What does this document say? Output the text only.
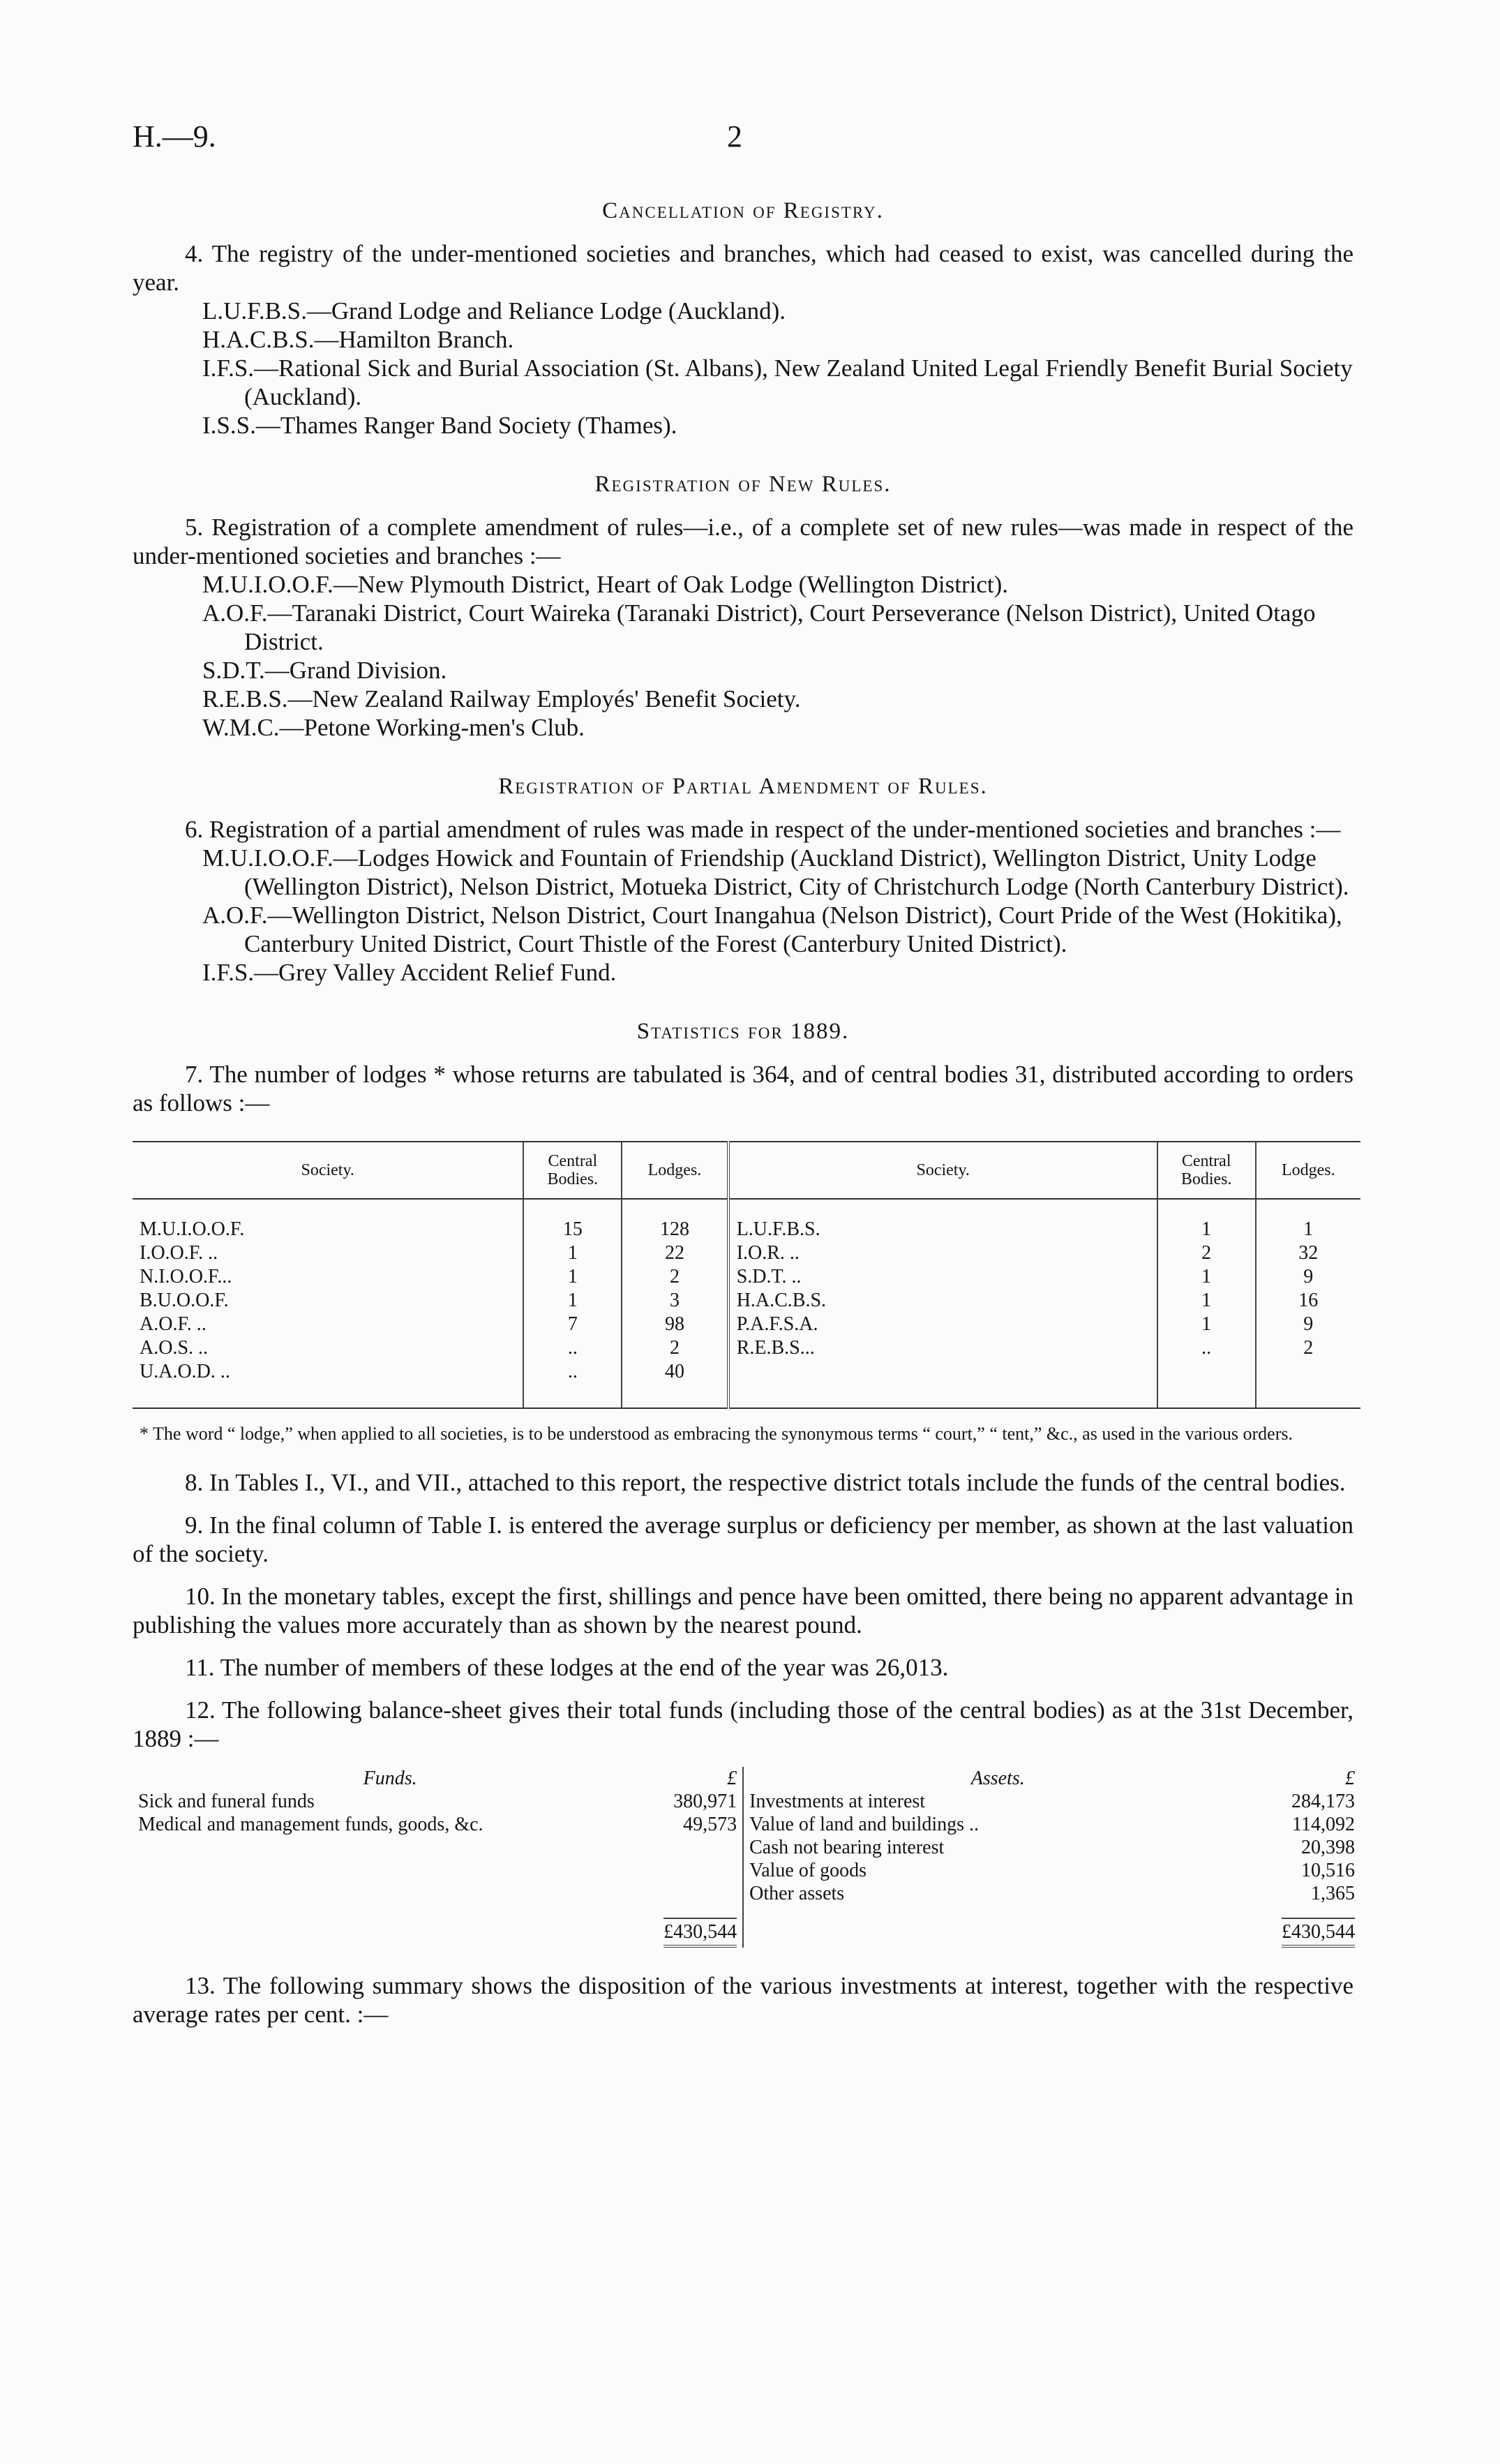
H.—9.	2
Cancellation of Registry.
4. The registry of the under-mentioned societies and branches, which had ceased to exist, was cancelled during the year.

L.U.F.B.S.—Grand Lodge and Reliance Lodge (Auckland).

H.A.C.B.S.—Hamilton Branch.

I.F.S.—Rational Sick and Burial Association (St. Albans), New Zealand United Legal Friendly Benefit Burial Society (Auckland).

I.S.S.—Thames Ranger Band Society (Thames).

Registration of New Rules.
5. Registration of a complete amendment of rules—i.e., of a complete set of new rules—was made in respect of the under-mentioned societies and branches :—

M.U.I.O.O.F.—New Plymouth District, Heart of Oak Lodge (Wellington District).

A.O.F.—Taranaki District, Court Waireka (Taranaki District), Court Perseverance (Nelson District), United Otago District.

S.D.T.—Grand Division.

R.E.B.S.—New Zealand Railway Employés' Benefit Society.

W.M.C.—Petone Working-men's Club.

Registration of Partial Amendment of Rules.
6. Registration of a partial amendment of rules was made in respect of the under-mentioned societies and branches :—

M.U.I.O.O.F.—Lodges Howick and Fountain of Friendship (Auckland District), Wellington District, Unity Lodge (Wellington District), Nelson District, Motueka District, City of Christchurch Lodge (North Canterbury District).

A.O.F.—Wellington District, Nelson District, Court Inangahua (Nelson District), Court Pride of the West (Hokitika), Canterbury United District, Court Thistle of the Forest (Canterbury United District).

I.F.S.—Grey Valley Accident Relief Fund.

Statistics for 1889.
7. The number of lodges * whose returns are tabulated is 364, and of central bodies 31, distributed according to orders as follows :—
Society.	Central Bodies.	Lodges.	Society.	Central Bodies.	Lodges.

M.U.I.O.O.F.	15	128	L.U.F.B.S.	1	1
I.O.O.F. ..	1	22	I.O.R. ..	2	32
N.I.O.O.F...	1	2	S.D.T. ..	1	9
B.U.O.O.F.	1	3	H.A.C.B.S.	1	16
A.O.F. ..	7	98	P.A.F.S.A.	1	9
A.O.S. ..	..	2	R.E.B.S...	..	2
U.A.O.D. ..	..	40			

* The word “ lodge,” when applied to all societies, is to be understood as embracing the synonymous terms “ court,” “ tent,” &c., as used in the various orders.
8. In Tables I., VI., and VII., attached to this report, the respective district totals include the funds of the central bodies.
9. In the final column of Table I. is entered the average surplus or deficiency per member, as shown at the last valuation of the society.
10. In the monetary tables, except the first, shillings and pence have been omitted, there being no apparent advantage in publishing the values more accurately than as shown by the nearest pound.
11. The number of members of these lodges at the end of the year was 26,013.
12. The following balance-sheet gives their total funds (including those of the central bodies) as at the 31st December, 1889 :—
Funds.	£	Assets.	£
Sick and funeral funds	380,971	Investments at interest	284,173
Medical and management funds, goods, &c.	49,573	Value of land and buildings ..	114,092
		Cash not bearing interest	20,398
		Value of goods	10,516
		Other assets	1,365
	£430,544		£430,544
13. The following summary shows the disposition of the various investments at interest, together with the respective average rates per cent. :—
